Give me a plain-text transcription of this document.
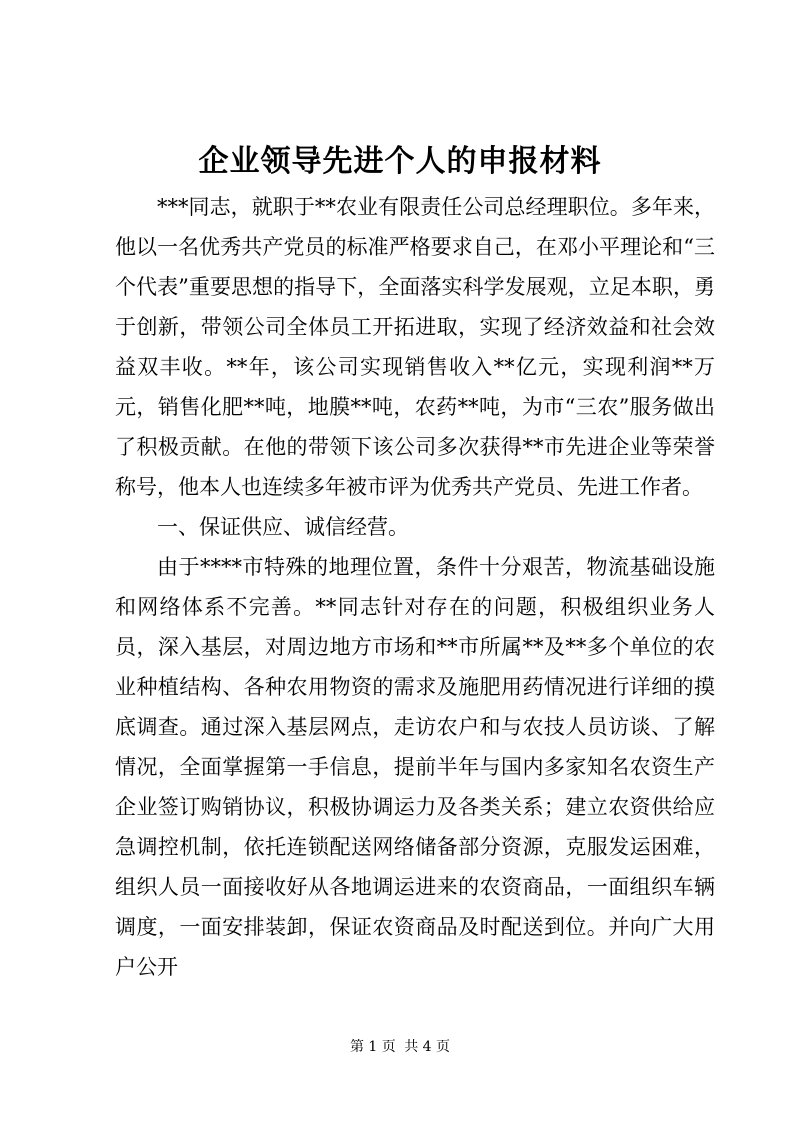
企业领导先进个人的申报材料

***同志，就职于**农业有限责任公司总经理职位。多年来，他以一名优秀共产党员的标准严格要求自己，在邓小平理论和“三个代表”重要思想的指导下，全面落实科学发展观，立足本职，勇于创新，带领公司全体员工开拓进取，实现了经济效益和社会效益双丰收。**年，该公司实现销售收入**亿元，实现利润**万元，销售化肥**吨，地膜**吨，农药**吨，为市“三农”服务做出了积极贡献。在他的带领下该公司多次获得**市先进企业等荣誉称号，他本人也连续多年被市评为优秀共产党员、先进工作者。

一、保证供应、诚信经营。

由于****市特殊的地理位置，条件十分艰苦，物流基础设施和网络体系不完善。**同志针对存在的问题，积极组织业务人员，深入基层，对周边地方市场和**市所属**及**多个单位的农业种植结构、各种农用物资的需求及施肥用药情况进行详细的摸底调查。通过深入基层网点，走访农户和与农技人员访谈、了解情况，全面掌握第一手信息，提前半年与国内多家知名农资生产企业签订购销协议，积极协调运力及各类关系；建立农资供给应急调控机制，依托连锁配送网络储备部分资源，克服发运困难，组织人员一面接收好从各地调运进来的农资商品，一面组织车辆调度，一面安排装卸，保证农资商品及时配送到位。并向广大用户公开

第 1 页 共 4 页
